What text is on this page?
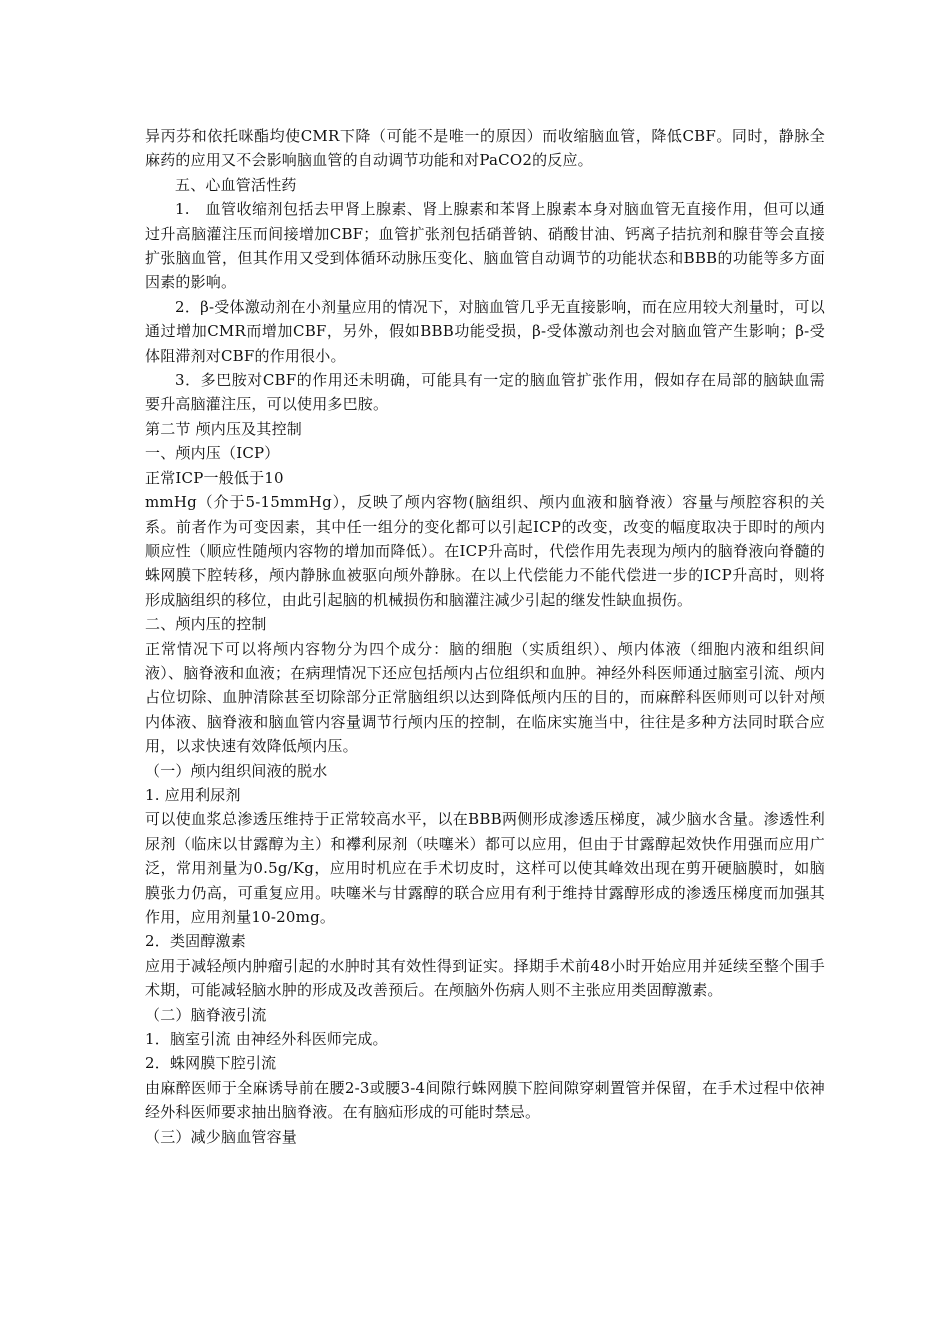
异丙芬和依托咪酯均使CMR下降（可能不是唯一的原因）而收缩脑血管，降低CBF。同时，静脉全麻药的应用又不会影响脑血管的自动调节功能和对PaCO2的反应。

五、心血管活性药

1.　血管收缩剂包括去甲肾上腺素、肾上腺素和苯肾上腺素本身对脑血管无直接作用，但可以通过升高脑灌注压而间接增加CBF；血管扩张剂包括硝普钠、硝酸甘油、钙离子拮抗剂和腺苷等会直接扩张脑血管，但其作用又受到体循环动脉压变化、脑血管自动调节的功能状态和BBB的功能等多方面因素的影响。

2．β-受体激动剂在小剂量应用的情况下，对脑血管几乎无直接影响，而在应用较大剂量时，可以通过增加CMR而增加CBF，另外，假如BBB功能受损，β-受体激动剂也会对脑血管产生影响；β-受体阻滞剂对CBF的作用很小。

3．多巴胺对CBF的作用还未明确，可能具有一定的脑血管扩张作用，假如存在局部的脑缺血需要升高脑灌注压，可以使用多巴胺。

第二节 颅内压及其控制

一、颅内压（ICP）

正常ICP一般低于10

mmHg（介于5-15mmHg），反映了颅内容物(脑组织、颅内血液和脑脊液）容量与颅腔容积的关系。前者作为可变因素，其中任一组分的变化都可以引起ICP的改变，改变的幅度取决于即时的颅内顺应性（顺应性随颅内容物的增加而降低）。在ICP升高时，代偿作用先表现为颅内的脑脊液向脊髓的蛛网膜下腔转移，颅内静脉血被驱向颅外静脉。在以上代偿能力不能代偿进一步的ICP升高时，则将形成脑组织的移位，由此引起脑的机械损伤和脑灌注减少引起的继发性缺血损伤。

二、颅内压的控制

正常情况下可以将颅内容物分为四个成分：脑的细胞（实质组织）、颅内体液（细胞内液和组织间液）、脑脊液和血液；在病理情况下还应包括颅内占位组织和血肿。神经外科医师通过脑室引流、颅内占位切除、血肿清除甚至切除部分正常脑组织以达到降低颅内压的目的，而麻醉科医师则可以针对颅内体液、脑脊液和脑血管内容量调节行颅内压的控制，在临床实施当中，往往是多种方法同时联合应用，以求快速有效降低颅内压。

（一）颅内组织间液的脱水

1. 应用利尿剂

可以使血浆总渗透压维持于正常较高水平，以在BBB两侧形成渗透压梯度，减少脑水含量。渗透性利尿剂（临床以甘露醇为主）和襻利尿剂（呋噻米）都可以应用，但由于甘露醇起效快作用强而应用广泛，常用剂量为0.5g/Kg，应用时机应在手术切皮时，这样可以使其峰效出现在剪开硬脑膜时，如脑膜张力仍高，可重复应用。呋噻米与甘露醇的联合应用有利于维持甘露醇形成的渗透压梯度而加强其作用，应用剂量10-20mg。

2．类固醇激素

应用于减轻颅内肿瘤引起的水肿时其有效性得到证实。择期手术前48小时开始应用并延续至整个围手术期，可能减轻脑水肿的形成及改善预后。在颅脑外伤病人则不主张应用类固醇激素。

（二）脑脊液引流

1．脑室引流 由神经外科医师完成。

2．蛛网膜下腔引流

由麻醉医师于全麻诱导前在腰2-3或腰3-4间隙行蛛网膜下腔间隙穿刺置管并保留，在手术过程中依神经外科医师要求抽出脑脊液。在有脑疝形成的可能时禁忌。

（三）减少脑血管容量
